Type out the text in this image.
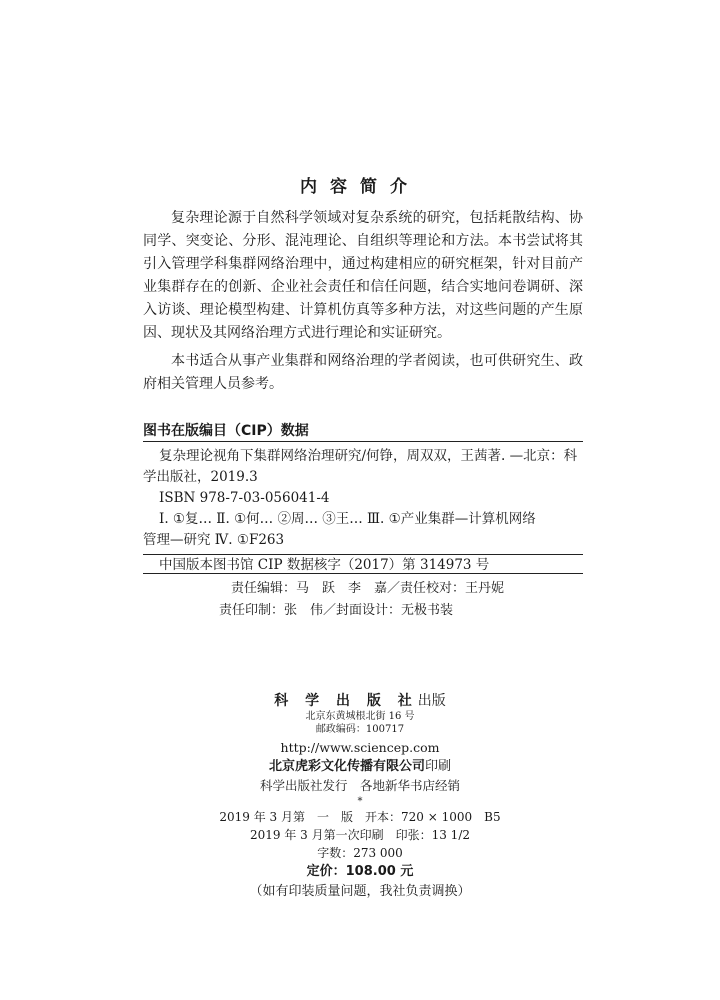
内容简介

复杂理论源于自然科学领域对复杂系统的研究，包括耗散结构、协同学、突变论、分形、混沌理论、自组织等理论和方法。本书尝试将其引入管理学科集群网络治理中，通过构建相应的研究框架，针对目前产业集群存在的创新、企业社会责任和信任问题，结合实地问卷调研、深入访谈、理论模型构建、计算机仿真等多种方法，对这些问题的产生原因、现状及其网络治理方式进行理论和实证研究。

本书适合从事产业集群和网络治理的学者阅读，也可供研究生、政府相关管理人员参考。

图书在版编目（CIP）数据
复杂理论视角下集群网络治理研究/何铮，周双双，王茜著. —北京：科
学出版社，2019.3
ISBN 978-7-03-056041-4
Ⅰ. ①复… Ⅱ. ①何… ②周… ③王… Ⅲ. ①产业集群—计算机网络
管理—研究 Ⅳ. ①F263
中国版本图书馆 CIP 数据核字（2017）第 314973 号
责任编辑：马　跃　李　嘉／责任校对：王丹妮
责任印制：张　伟／封面设计：无极书装
科 学 出 版 社出版
北京东黄城根北街 16 号
邮政编码：100717
http://www.sciencep.com
北京虎彩文化传播有限公司印刷
科学出版社发行　各地新华书店经销
*
2019 年 3 月第　一　版　开本：720 × 1000　B5
2019 年 3 月第一次印刷　印张：13 1/2
字数：273 000
定价：108.00 元
（如有印装质量问题，我社负责调换）
